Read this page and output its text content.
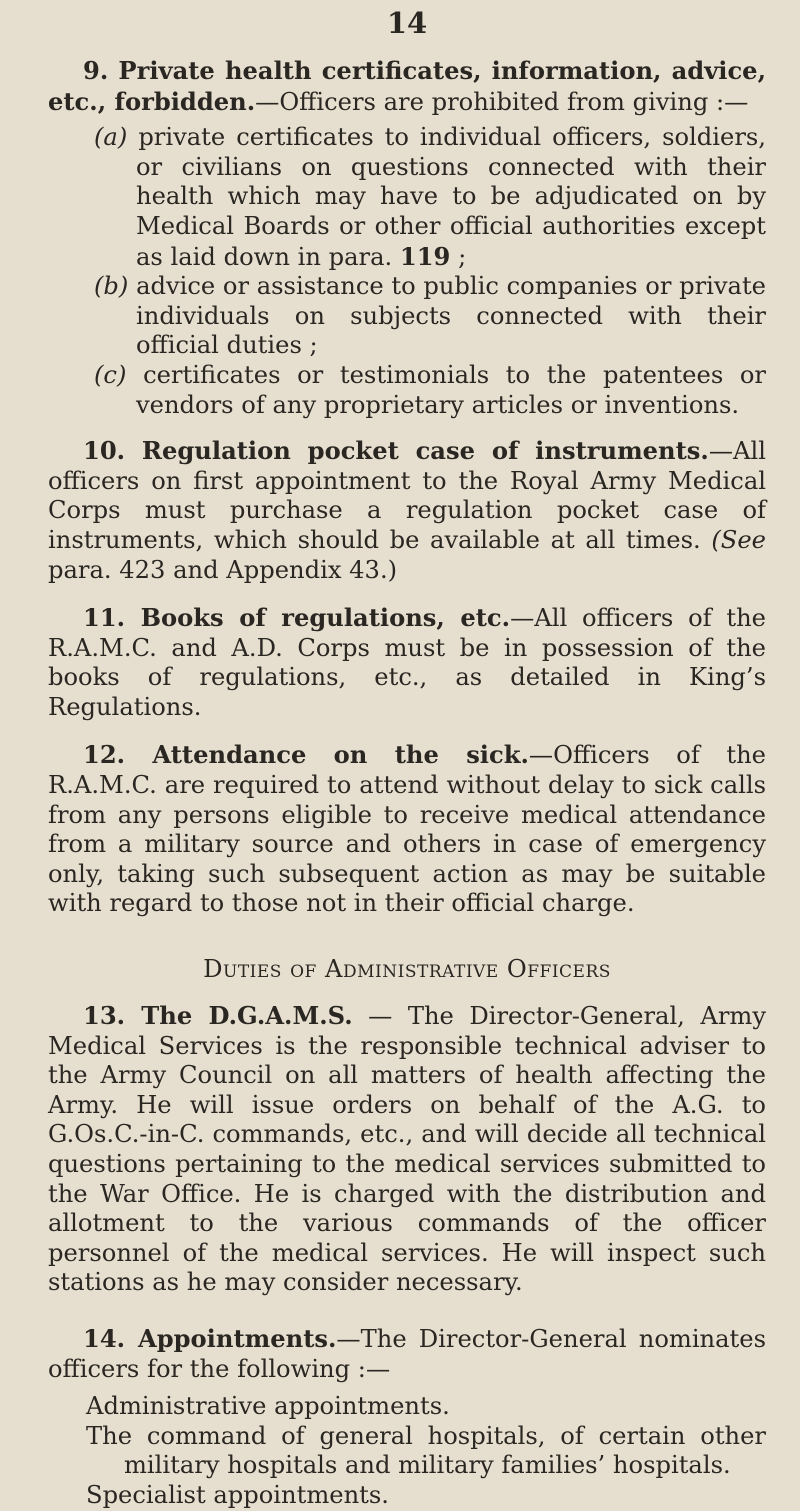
14

9. Private health certificates, information, advice, etc., forbidden.—Officers are prohibited from giving :—

(a) private certificates to individual officers, soldiers, or civilians on questions connected with their health which may have to be adjudicated on by Medical Boards or other official authorities except as laid down in para. 119 ;

(b) advice or assistance to public companies or private individuals on subjects connected with their official duties ;

(c) certificates or testimonials to the patentees or vendors of any proprietary articles or inventions.

10. Regulation pocket case of instruments.—All officers on first appointment to the Royal Army Medical Corps must purchase a regulation pocket case of instruments, which should be available at all times. (See para. 423 and Appendix 43.)

11. Books of regulations, etc.—All officers of the R.A.M.C. and A.D. Corps must be in possession of the books of regulations, etc., as detailed in King’s Regulations.

12. Attendance on the sick.—Officers of the R.A.M.C. are required to attend without delay to sick calls from any persons eligible to receive medical attendance from a military source and others in case of emergency only, taking such subsequent action as may be suitable with regard to those not in their official charge.

Duties of Administrative Officers

13. The D.G.A.M.S. — The Director-General, Army Medical Services is the responsible technical adviser to the Army Council on all matters of health affecting the Army. He will issue orders on behalf of the A.G. to G.Os.C.-in-C. commands, etc., and will decide all technical questions pertaining to the medical services submitted to the War Office. He is charged with the distribution and allotment to the various commands of the officer personnel of the medical services. He will inspect such stations as he may consider necessary.

14. Appointments.—The Director-General nominates officers for the following :—

Administrative appointments.

The command of general hospitals, of certain other military hospitals and military families’ hospitals.

Specialist appointments.
